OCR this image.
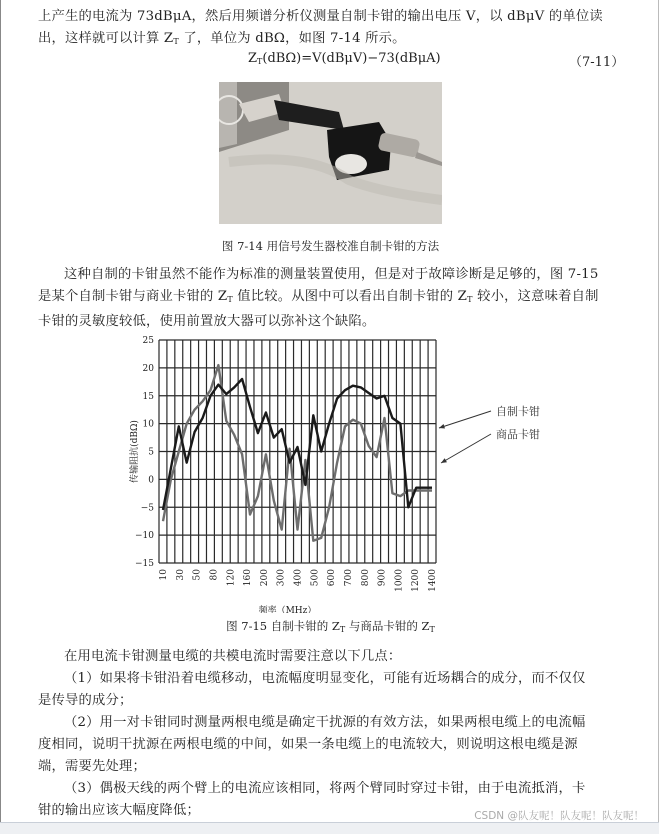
上产生的电流为 73dBμA，然后用频谱分析仪测量自制卡钳的输出电压 V，以 dBμV 的单位读
出，这样就可以计算 $Z_T$ 了，单位为 dBΩ，如图 7-14 所示。
$Z_T(dB\Omega)=V(dB\mu V)-73(dB\mu A)$	（7-11）
图 7-14 用信号发生器校准自制卡钳的方法
这种自制的卡钳虽然不能作为标准的测量装置使用，但是对于故障诊断是足够的，图 7-15
是某个自制卡钳与商业卡钳的 $Z_T$ 值比较。从图中可以看出自制卡钳的 $Z_T$ 较小，这意味着自制
卡钳的灵敏度较低，使用前置放大器可以弥补这个缺陷。
25
20
15
10
5
0
−5
−10
−15
10 30 50 80 120 160 200 300 400 500 600 700 800 900 1000 1200 1400
频率（MHz）
传输阻抗(dBΩ)
自制卡钳
商品卡钳
图 7-15 自制卡钳的 $Z_T$ 与商品卡钳的 $Z_T$
在用电流卡钳测量电缆的共模电流时需要注意以下几点：
（1）如果将卡钳沿着电缆移动，电流幅度明显变化，可能有近场耦合的成分，而不仅仅
是传导的成分；
（2）用一对卡钳同时测量两根电缆是确定干扰源的有效方法，如果两根电缆上的电流幅
度相同，说明干扰源在两根电缆的中间，如果一条电缆上的电流较大，则说明这根电缆是源
端，需要先处理；
（3）偶极天线的两个臂上的电流应该相同，将两个臂同时穿过卡钳，由于电流抵消，卡
钳的输出应该大幅度降低；	CSDN @队友呢！队友呢！队友呢！
